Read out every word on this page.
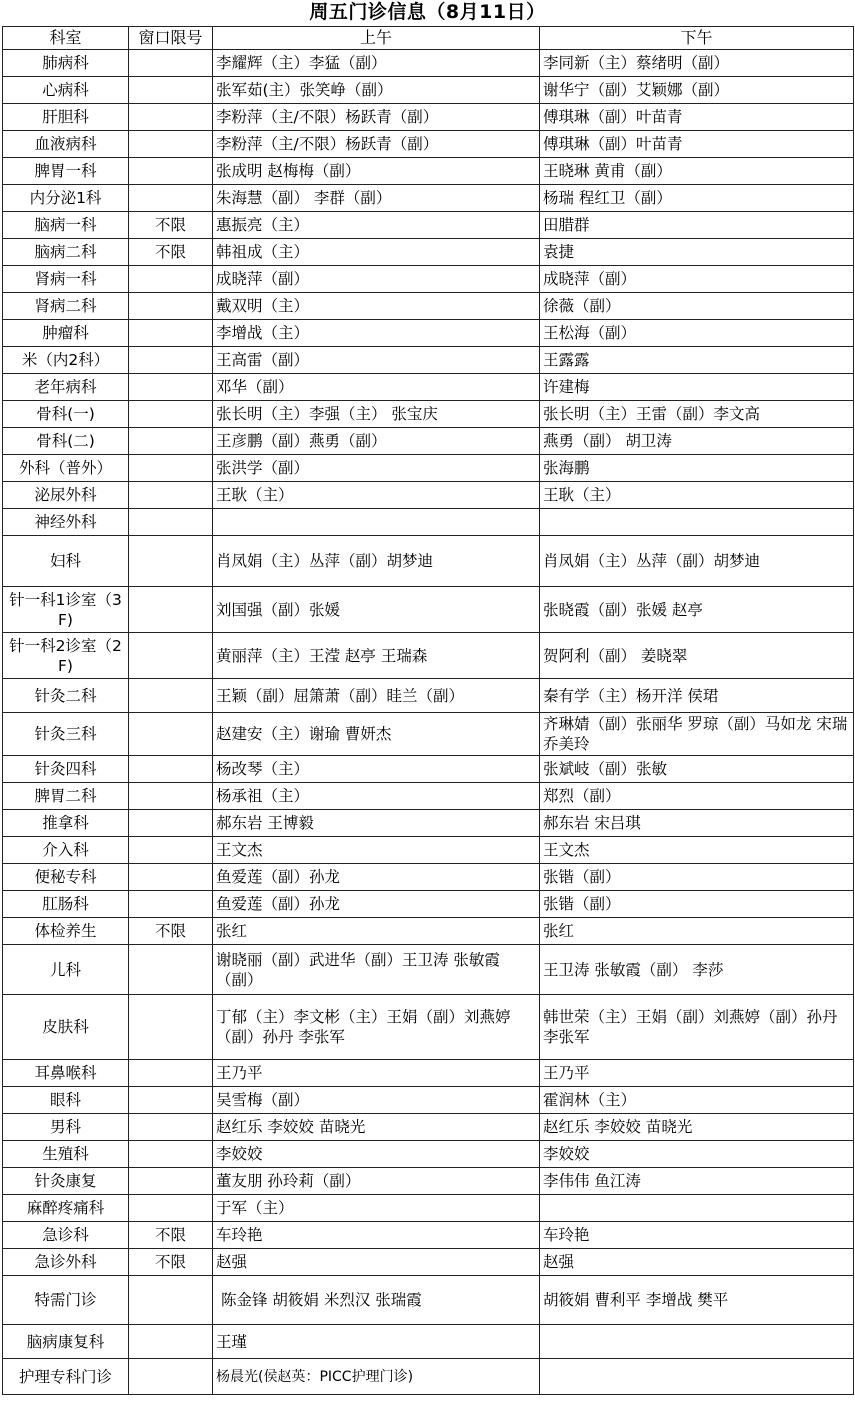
周五门诊信息（8月11日）
科室	窗口限号	上午	下午
肺病科		李耀辉（主）李猛（副）	李同新（主）蔡绪明（副）
心病科		张军茹(主）张笑峥（副）	谢华宁（副）艾颖娜（副）
肝胆科		李粉萍（主/不限）杨跃青（副）	傅琪琳（副）叶苗青
血液病科		李粉萍（主/不限）杨跃青（副）	傅琪琳（副）叶苗青
脾胃一科		张成明 赵梅梅（副）	王晓琳 黄甫（副）
内分泌1科		朱海慧（副） 李群（副）	杨瑞 程红卫（副）
脑病一科	不限	惠振亮（主）	田腊群
脑病二科	不限	韩祖成（主）	袁捷
肾病一科		成晓萍（副）	成晓萍（副）
肾病二科		戴双明（主）	徐薇（副）
肿瘤科		李增战（主）	王松海（副）
米（内2科）		王高雷（副）	王露露
老年病科		邓华（副）	许建梅
骨科(一)		张长明（主）李强（主） 张宝庆	张长明（主）王雷（副）李文高
骨科(二)		王彦鹏（副）燕勇（副）	燕勇（副） 胡卫涛
外科（普外）		张洪学（副）	张海鹏
泌尿外科		王耿（主）	王耿（主）
神经外科			
妇科		肖凤娟（主）丛萍（副）胡梦迪	肖凤娟（主）丛萍（副）胡梦迪
针一科1诊室（3F)		刘国强（副）张媛	张晓霞（副）张媛 赵亭
针一科2诊室（2F)		黄丽萍（主）王滢 赵亭 王瑞森	贺阿利（副） 姜晓翠
针灸二科		王颖（副）屈箫萧（副）眭兰（副）	秦有学（主）杨开洋 侯珺
针灸三科		赵建安（主）谢瑜 曹妍杰	齐琳婧（副）张丽华 罗琼（副）马如龙 宋瑞 乔美玲
针灸四科		杨改琴（主）	张斌岐（副）张敏
脾胃二科		杨承祖（主）	郑烈（副）
推拿科		郝东岩 王博毅	郝东岩 宋吕琪
介入科		王文杰	王文杰
便秘专科		鱼爱莲（副）孙龙	张锴（副）
肛肠科		鱼爱莲（副）孙龙	张锴（副）
体检养生	不限	张红	张红
儿科		谢晓丽（副）武进华（副）王卫涛 张敏霞（副）	王卫涛 张敏霞（副） 李莎
皮肤科		丁郁（主）李文彬（主）王娟（副）刘燕婷（副）孙丹 李张军	韩世荣（主）王娟（副）刘燕婷（副）孙丹 李张军
耳鼻喉科		王乃平	王乃平
眼科		吴雪梅（副）	霍润林（主）
男科		赵红乐 李姣姣 苗晓光	赵红乐 李姣姣 苗晓光
生殖科		李姣姣	李姣姣
针灸康复		董友朋 孙玲莉（副）	李伟伟 鱼江涛
麻醉疼痛科		于军（主）	
急诊科	不限	车玲艳	车玲艳
急诊外科	不限	赵强	赵强
特需门诊		陈金锋 胡筱娟 米烈汉 张瑞霞	胡筱娟 曹利平 李增战 樊平
脑病康复科		王瑾	
护理专科门诊		杨晨光(侯赵英：PICC护理门诊)	
